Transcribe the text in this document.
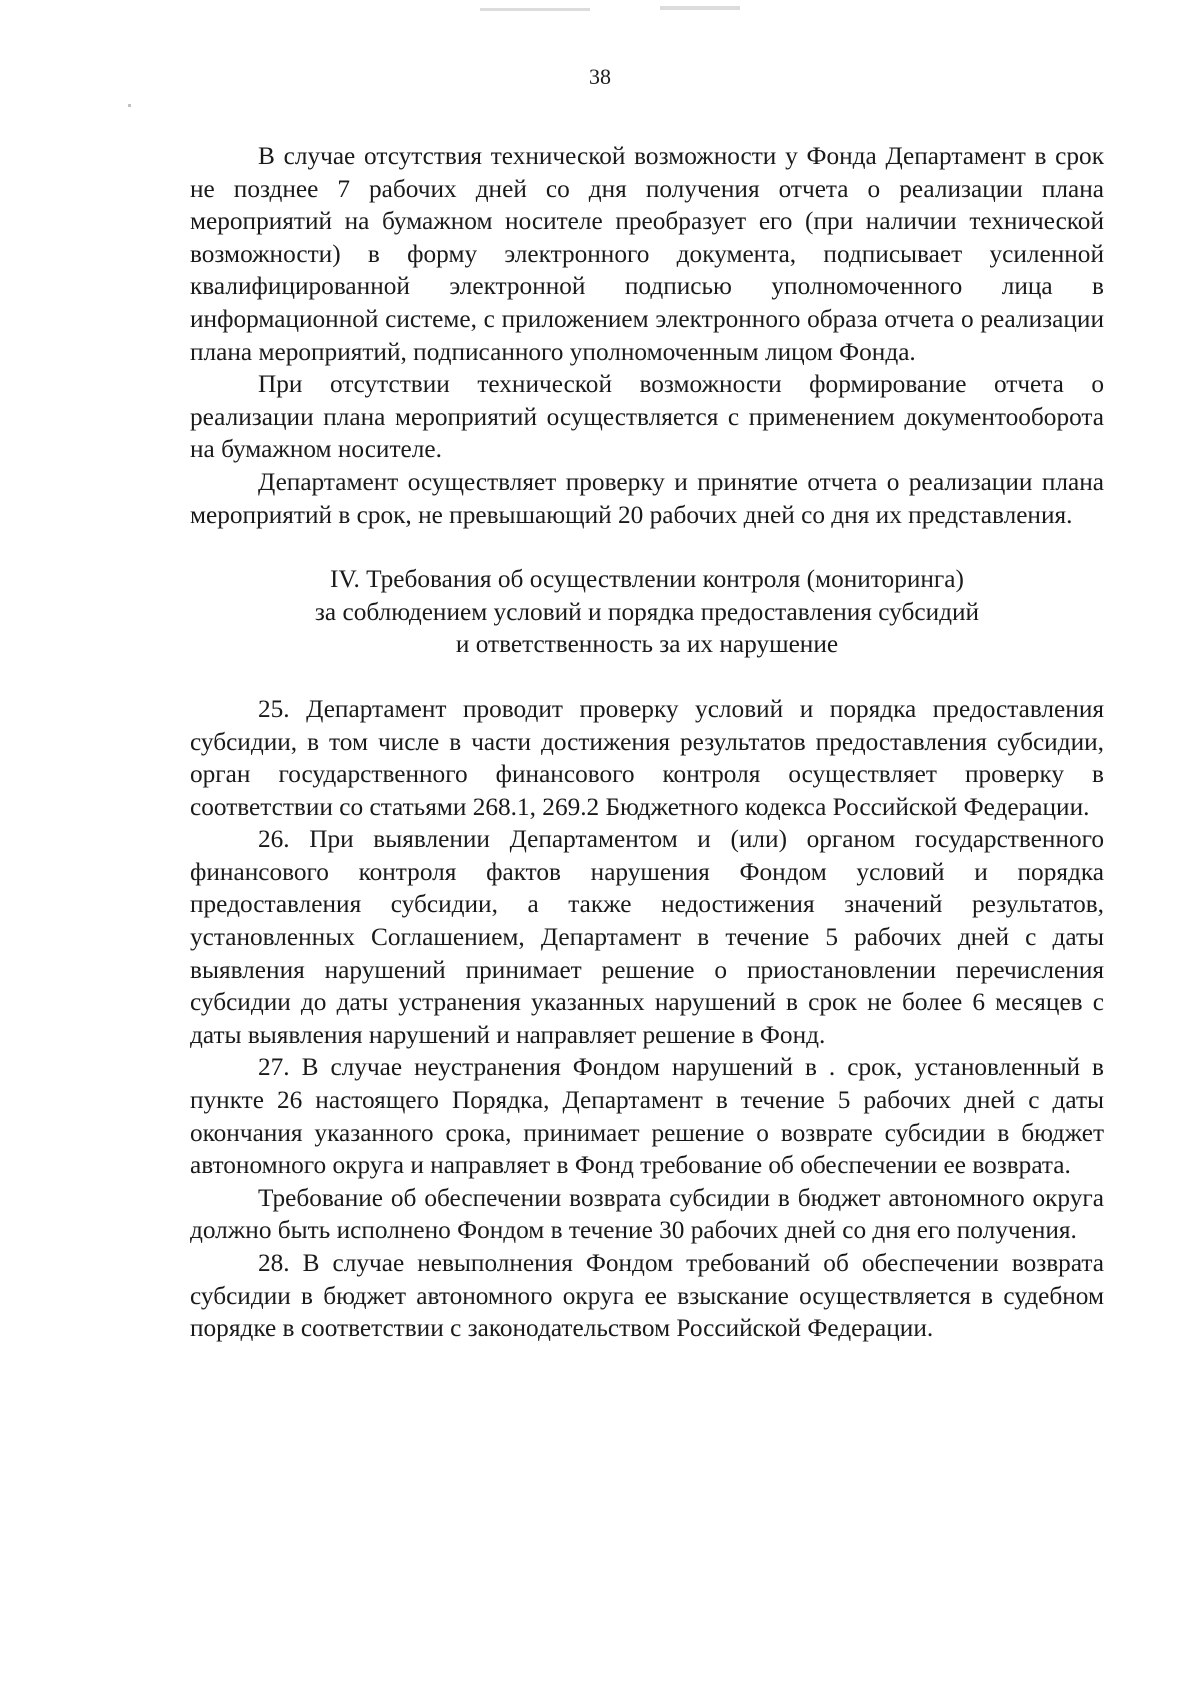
38

В случае отсутствия технической возможности у Фонда Департамент в срок не позднее 7 рабочих дней со дня получения отчета о реализации плана мероприятий на бумажном носителе преобразует его (при наличии технической возможности) в форму электронного документа, подписывает усиленной квалифицированной электронной подписью уполномоченного лица в информационной системе, с приложением электронного образа отчета о реализации плана мероприятий, подписанного уполномоченным лицом Фонда.

При отсутствии технической возможности формирование отчета о реализации плана мероприятий осуществляется с применением документооборота на бумажном носителе.

Департамент осуществляет проверку и принятие отчета о реализации плана мероприятий в срок, не превышающий 20 рабочих дней со дня их представления.

IV. Требования об осуществлении контроля (мониторинга)
за соблюдением условий и порядка предоставления субсидий
и ответственность за их нарушение

25. Департамент проводит проверку условий и порядка предоставления субсидии, в том числе в части достижения результатов предоставления субсидии, орган государственного финансового контроля осуществляет проверку в соответствии со статьями 268.1, 269.2 Бюджетного кодекса Российской Федерации.

26. При выявлении Департаментом и (или) органом государственного финансового контроля фактов нарушения Фондом условий и порядка предоставления субсидии, а также недостижения значений результатов, установленных Соглашением, Департамент в течение 5 рабочих дней с даты выявления нарушений принимает решение о приостановлении перечисления субсидии до даты устранения указанных нарушений в срок не более 6 месяцев с даты выявления нарушений и направляет решение в Фонд.

27. В случае неустранения Фондом нарушений в . срок, установленный в пункте 26 настоящего Порядка, Департамент в течение 5 рабочих дней с даты окончания указанного срока, принимает решение о возврате субсидии в бюджет автономного округа и направляет в Фонд требование об обеспечении ее возврата.

Требование об обеспечении возврата субсидии в бюджет автономного округа должно быть исполнено Фондом в течение 30 рабочих дней со дня его получения.

28. В случае невыполнения Фондом требований об обеспечении возврата субсидии в бюджет автономного округа ее взыскание осуществляется в судебном порядке в соответствии с законодательством Российской Федерации.
